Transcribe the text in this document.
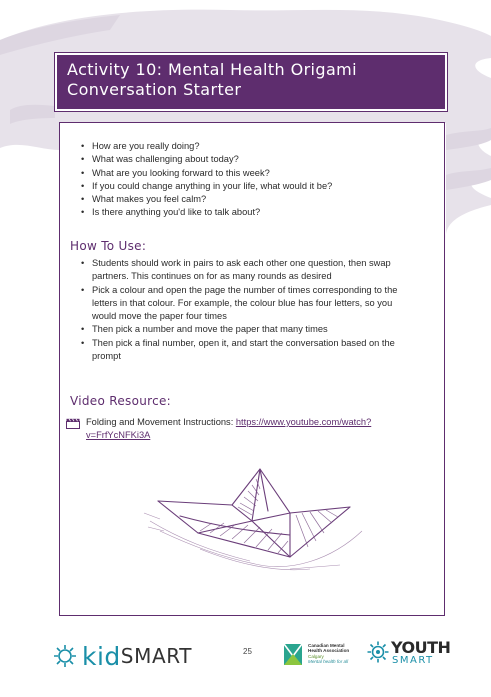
Activity 10: Mental Health Origami
Conversation Starter
• How are you really doing?
• What was challenging about today?
• What are you looking forward to this week?
• If you could change anything in your life, what would it be?
• What makes you feel calm?
• Is there anything you'd like to talk about?
How To Use:
• Students should work in pairs to ask each other one question, then swap partners. This continues on for as many rounds as desired
• Pick a colour and open the page the number of times corresponding to the letters in that colour. For example, the colour blue has four letters, so you would move the paper four times
• Then pick a number and move the paper that many times
• Then pick a final number, open it, and start the conversation based on the prompt
Video Resource:
Folding and Movement Instructions: https://www.youtube.com/watch?
v=FrfYcNFKi3A
kid SMART	25
Canadian Mental
Health Association
Calgary
Mental health for all
YOUTH
SMART
